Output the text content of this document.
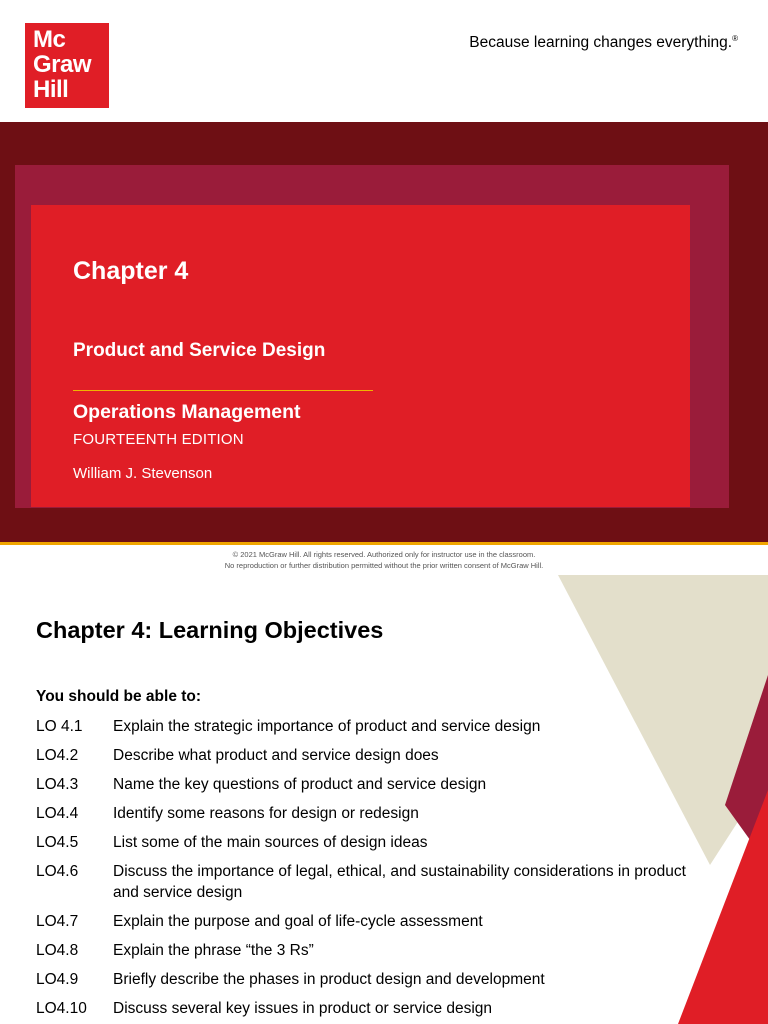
Mc
Graw
Hill
Because learning changes everything.®
Chapter 4
Product and Service Design
Operations Management
FOURTEENTH EDITION
William J. Stevenson
© 2021 McGraw Hill. All rights reserved. Authorized only for instructor use in the classroom.
No reproduction or further distribution permitted without the prior written consent of McGraw Hill.
Chapter 4: Learning Objectives
You should be able to:
LO 4.1	Explain the strategic importance of product and service design
LO4.2	Describe what product and service design does
LO4.3	Name the key questions of product and service design
LO4.4	Identify some reasons for design or redesign
LO4.5	List some of the main sources of design ideas
LO4.6	Discuss the importance of legal, ethical, and sustainability considerations in product and service design
LO4.7	Explain the purpose and goal of life-cycle assessment
LO4.8	Explain the phrase “the 3 Rs”
LO4.9	Briefly describe the phases in product design and development
LO4.10	Discuss several key issues in product or service design
